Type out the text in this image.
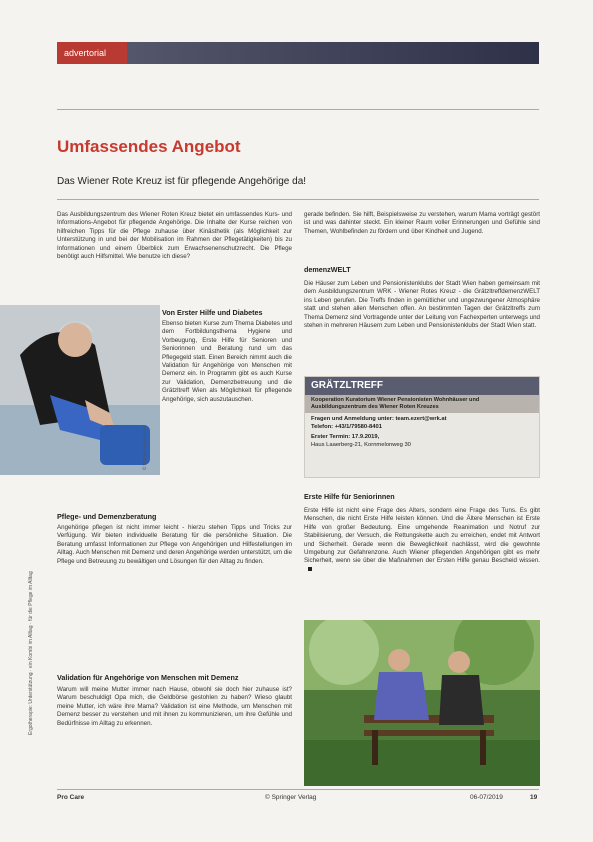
advertorial
Umfassendes Angebot

Das Wiener Rote Kreuz ist für pflegende Angehörige da!

Das Ausbildungszentrum des Wiener Roten Kreuz bietet ein umfassendes Kurs- und Informations-Angebot für pflegende Angehörige. Die Inhalte der Kurse reichen von hilfreichen Tipps für die Pflege zuhause über Kinästhetik (als Möglichkeit zur Unterstützung in und bei der Mobilisation im Rahmen der Pflegetätigkeiten) bis zu Informationen und einem Überblick zum Erwachsenenschutzrecht. Die Pflege benötigt auch Hilfsmittel. Wie benutze ich diese?

© Wiener Rotes Kreuz
Von Erster Hilfe und Diabetes

Ebenso bieten Kurse zum Thema Diabetes und dem Fortbildungsthema Hygiene und Vorbeugung, Erste Hilfe für Senioren und Seniorinnen und Beratung rund um das Pflegegeld statt. Einen Bereich nimmt auch die Validation für Angehörige von Menschen mit Demenz ein. In Programm gibt es auch Kurse zur Validation, Demenzbetreuung und die Grätzltreff Wien als Möglichkeit für pflegende Angehörige, sich auszutauschen.

Pflege- und Demenzberatung

Angehörige pflegen ist nicht immer leicht - hierzu stehen Tipps und Tricks zur Verfügung. Wir bieten individuelle Beratung für die persönliche Situation. Die Beratung umfasst Informationen zur Pflege von Angehörigen und Hilfestellungen im Alltag. Auch Menschen mit Demenz und deren Angehörige werden unterstützt, um die Pflege und Betreuung zu bewältigen und Lösungen für den Alltag zu finden.

Validation für Angehörige von Menschen mit Demenz

Warum will meine Mutter immer nach Hause, obwohl sie doch hier zuhause ist? Warum beschuldigt Opa mich, die Geldbörse gestohlen zu haben? Wieso glaubt meine Mutter, ich wäre ihre Mama? Validation ist eine Methode, um Menschen mit Demenz besser zu verstehen und mit ihnen zu kommunizieren, um ihre Gefühle und Bedürfnisse im Alltag zu erkennen.

gerade befinden. Sie hilft, Beispielsweise zu verstehen, warum Mama vorträgt gestört ist und was dahinter steckt. Ein kleiner Raum voller Erinnerungen und Gefühle sind Themen, Wohlbefinden zu fördern und über Kindheit und Jugend.

demenzWELT

Die Häuser zum Leben und Pensionistenklubs der Stadt Wien haben gemeinsam mit dem Ausbildungszentrum WRK - Wiener Rotes Kreuz - die GrätzltreffdemenzWELT ins Leben gerufen. Die Treffs finden in gemütlicher und ungezwungener Atmosphäre statt und stehen allen Menschen offen. An bestimmten Tagen der Grätzltreffs zum Thema Demenz sind Vortragende unter der Leitung von Fachexperten unterwegs und stehen in mehreren Häusern zum Leben und Pensionistenklubs der Stadt Wien statt.

GRÄTZLTREFF
Kooperation Kuratorium Wiener Pensionisten Wohnhäuser und Ausbildungszentrum des Wiener Roten Kreuzes
Fragen und Anmeldung unter: team.ezert@wrk.at
Telefon: +43/1/79580-8401
Erster Termin: 17.9.2019,
Haus Laaerberg-21, Kornmelonweg 30
Erste Hilfe für Seniorinnen

Erste Hilfe ist nicht eine Frage des Alters, sondern eine Frage des Tuns. Es gibt Menschen, die nicht Erste Hilfe leisten können. Und die Ältere Menschen ist Erste Hilfe von großer Bedeutung. Eine umgehende Reanimation und Notruf zur Stabilisierung, der Versuch, die Rettungskette auch zu erreichen, endet mit Antwort und Sicherheit. Gerade wenn die Beweglichkeit nachlässt, wird die gewohnte Umgebung zur Gefahrenzone. Auch Wiener pflegenden Angehörigen gibt es mehr Sicherheit, wenn sie über die Maßnahmen der Ersten Hilfe genau Bescheid wissen.

Ergotherapie: Unterstützung · ein Kombi im Alltag · für die Pflege im Alltag

Pro Care	© Springer Verlag	06-07/2019	19
